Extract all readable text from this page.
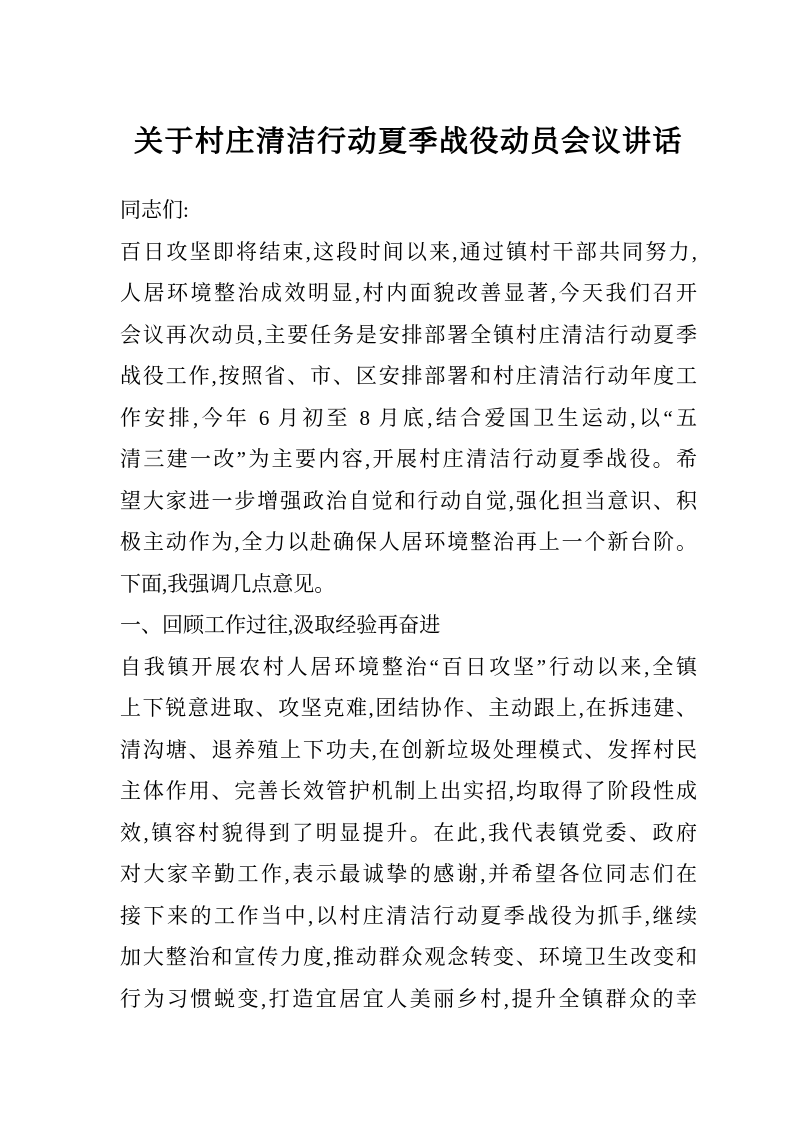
关于村庄清洁行动夏季战役动员会议讲话
同志们:
百日攻坚即将结束,这段时间以来,通过镇村干部共同努力,
人居环境整治成效明显,村内面貌改善显著,今天我们召开
会议再次动员,主要任务是安排部署全镇村庄清洁行动夏季
战役工作,按照省、市、区安排部署和村庄清洁行动年度工
作安排,今年 6 月初至 8 月底,结合爱国卫生运动,以“五
清三建一改”为主要内容,开展村庄清洁行动夏季战役。希
望大家进一步增强政治自觉和行动自觉,强化担当意识、积
极主动作为,全力以赴确保人居环境整治再上一个新台阶。
下面,我强调几点意见。
一、回顾工作过往,汲取经验再奋进
自我镇开展农村人居环境整治“百日攻坚”行动以来,全镇
上下锐意进取、攻坚克难,团结协作、主动跟上,在拆违建、
清沟塘、退养殖上下功夫,在创新垃圾处理模式、发挥村民
主体作用、完善长效管护机制上出实招,均取得了阶段性成
效,镇容村貌得到了明显提升。在此,我代表镇党委、政府
对大家辛勤工作,表示最诚挚的感谢,并希望各位同志们在
接下来的工作当中,以村庄清洁行动夏季战役为抓手,继续
加大整治和宣传力度,推动群众观念转变、环境卫生改变和
行为习惯蜕变,打造宜居宜人美丽乡村,提升全镇群众的幸
